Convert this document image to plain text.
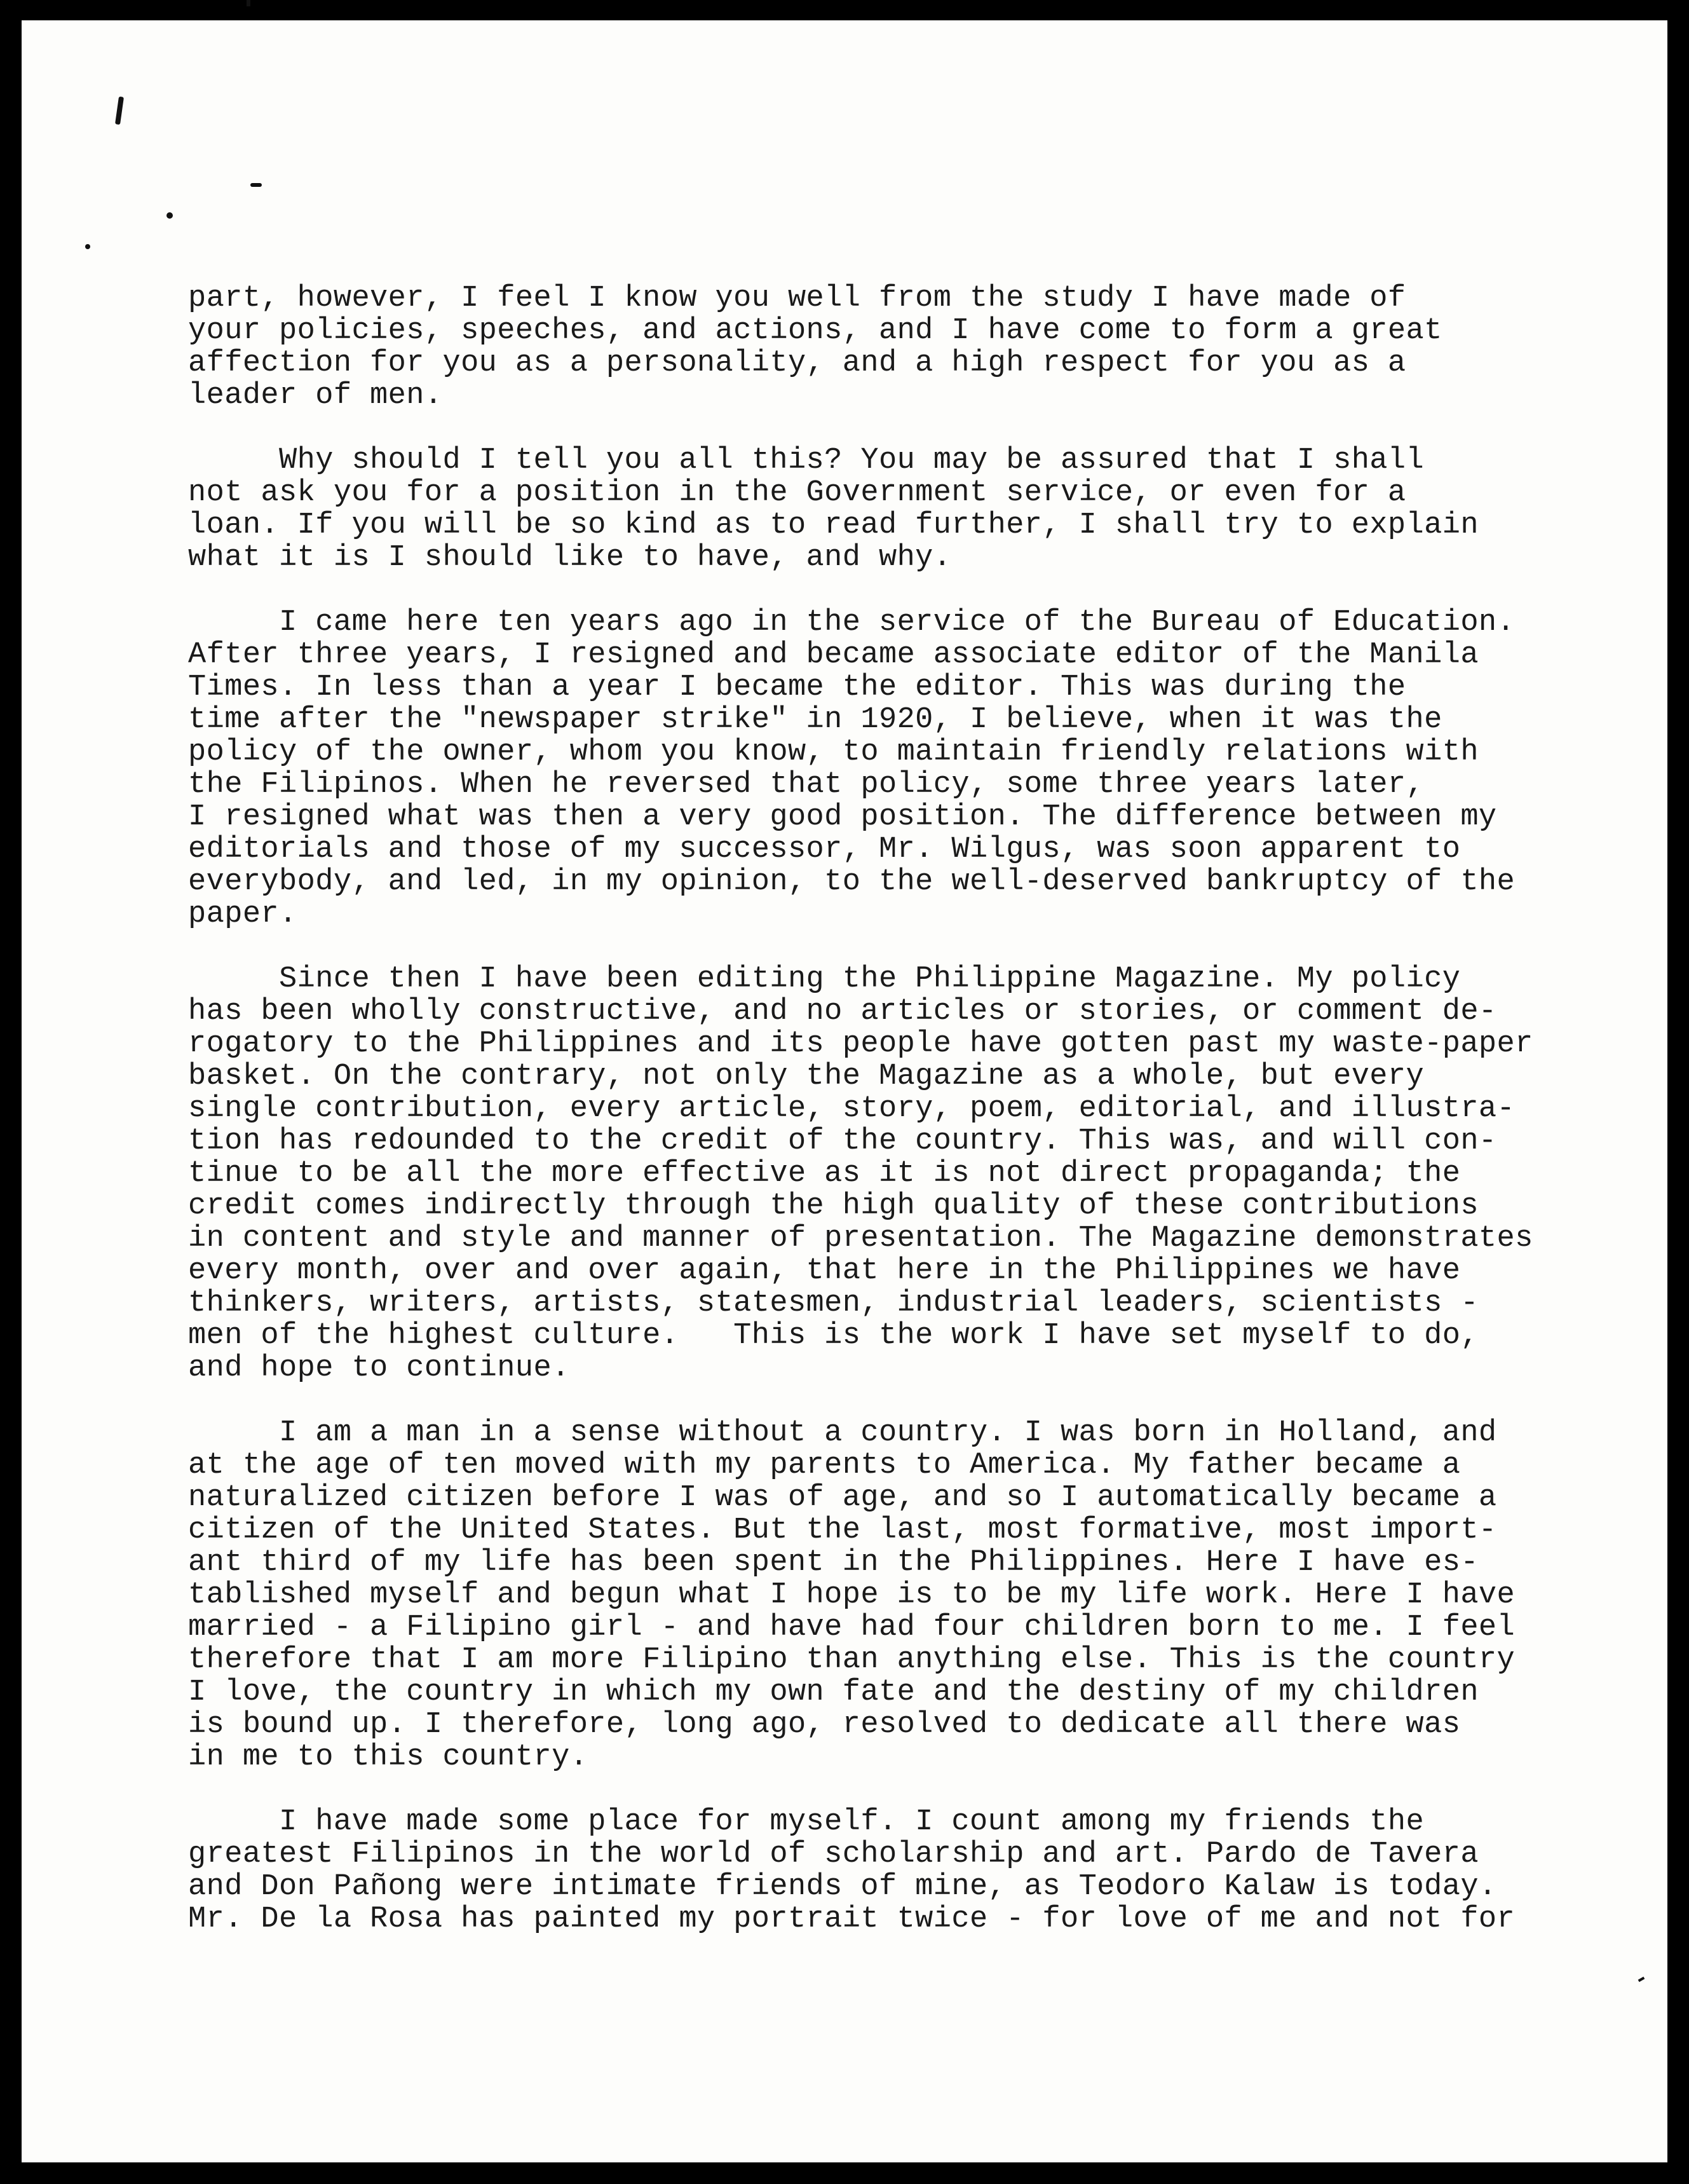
part, however, I feel I know you well from the study I have made of
your policies, speeches, and actions, and I have come to form a great
affection for you as a personality, and a high respect for you as a
leader of men.
Why should I tell you all this? You may be assured that I shall
not ask you for a position in the Government service, or even for a
loan. If you will be so kind as to read further, I shall try to explain
what it is I should like to have, and why.
I came here ten years ago in the service of the Bureau of Education.
After three years, I resigned and became associate editor of the Manila
Times. In less than a year I became the editor. This was during the
time after the "newspaper strike" in 1920, I believe, when it was the
policy of the owner, whom you know, to maintain friendly relations with
the Filipinos. When he reversed that policy, some three years later,
I resigned what was then a very good position. The difference between my
editorials and those of my successor, Mr. Wilgus, was soon apparent to
everybody, and led, in my opinion, to the well-deserved bankruptcy of the
paper.
Since then I have been editing the Philippine Magazine. My policy
has been wholly constructive, and no articles or stories, or comment de-
rogatory to the Philippines and its people have gotten past my waste-paper
basket. On the contrary, not only the Magazine as a whole, but every
single contribution, every article, story, poem, editorial, and illustra-
tion has redounded to the credit of the country. This was, and will con-
tinue to be all the more effective as it is not direct propaganda; the
credit comes indirectly through the high quality of these contributions
in content and style and manner of presentation. The Magazine demonstrates
every month, over and over again, that here in the Philippines we have
thinkers, writers, artists, statesmen, industrial leaders, scientists -
men of the highest culture.   This is the work I have set myself to do,
and hope to continue.
I am a man in a sense without a country. I was born in Holland, and
at the age of ten moved with my parents to America. My father became a
naturalized citizen before I was of age, and so I automatically became a
citizen of the United States. But the last, most formative, most import-
ant third of my life has been spent in the Philippines. Here I have es-
tablished myself and begun what I hope is to be my life work. Here I have
married - a Filipino girl - and have had four children born to me. I feel
therefore that I am more Filipino than anything else. This is the country
I love, the country in which my own fate and the destiny of my children
is bound up. I therefore, long ago, resolved to dedicate all there was
in me to this country.
I have made some place for myself. I count among my friends the
greatest Filipinos in the world of scholarship and art. Pardo de Tavera
and Don Pañong were intimate friends of mine, as Teodoro Kalaw is today.
Mr. De la Rosa has painted my portrait twice - for love of me and not for
